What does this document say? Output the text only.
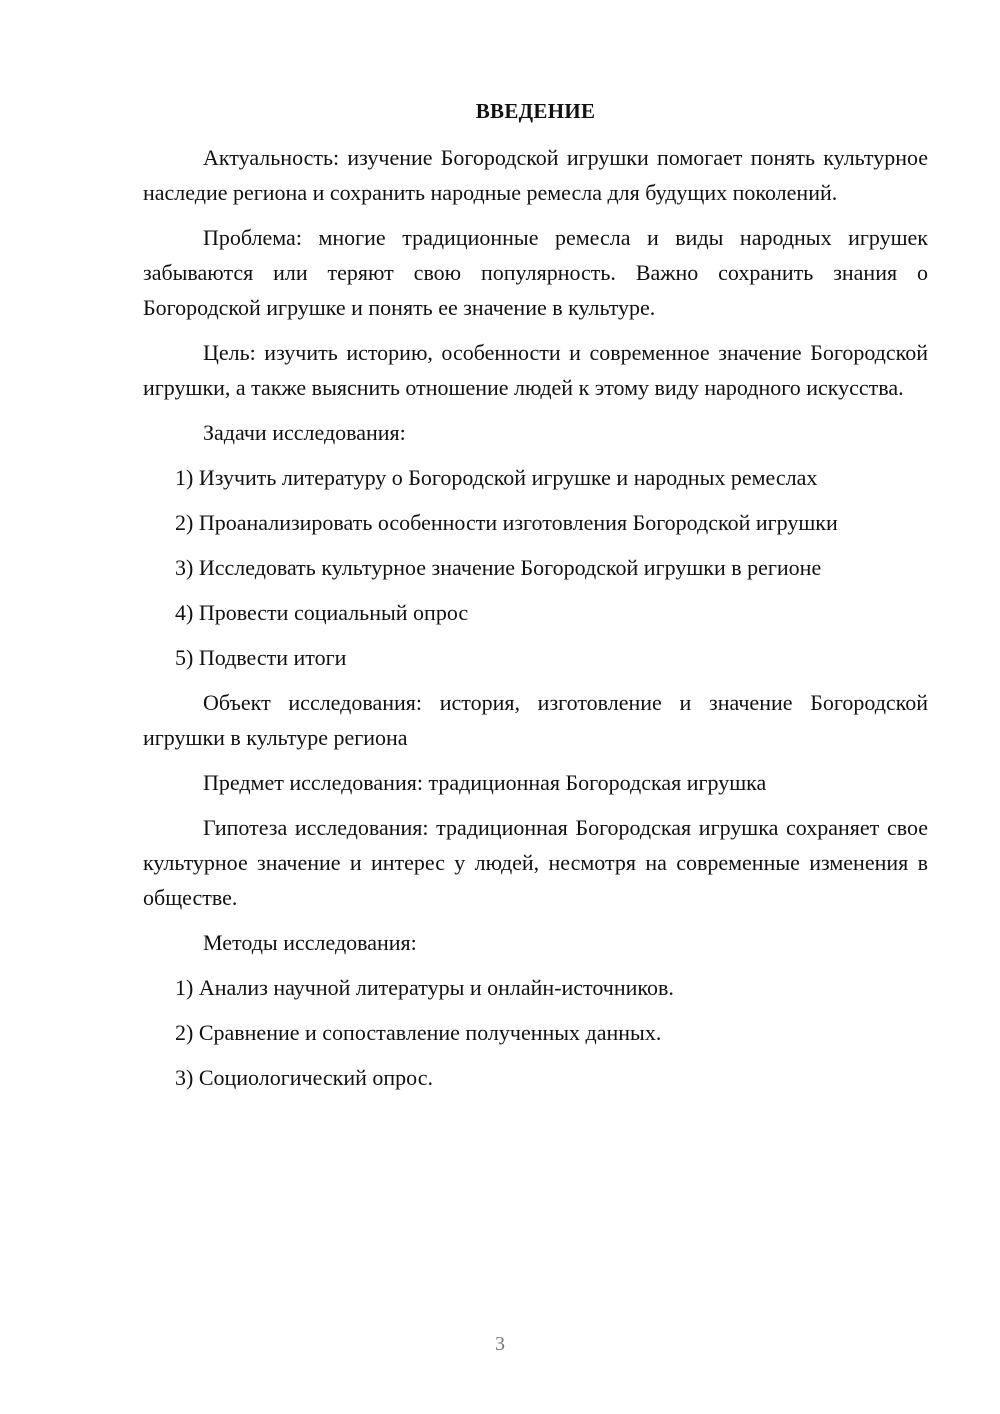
ВВЕДЕНИЕ

Актуальность: изучение Богородской игрушки помогает понять культурное наследие региона и сохранить народные ремесла для будущих поколений.

Проблема: многие традиционные ремесла и виды народных игрушек забываются или теряют свою популярность. Важно сохранить знания о Богородской игрушке и понять ее значение в культуре.

Цель: изучить историю, особенности и современное значение Богородской игрушки, а также выяснить отношение людей к этому виду народного искусства.

Задачи исследования:

1) Изучить литературу о Богородской игрушке и народных ремеслах

2) Проанализировать особенности изготовления Богородской игрушки

3) Исследовать культурное значение Богородской игрушки в регионе

4) Провести социальный опрос

5) Подвести итоги

Объект исследования: история, изготовление и значение Богородской игрушки в культуре региона

Предмет исследования: традиционная Богородская игрушка

Гипотеза исследования: традиционная Богородская игрушка сохраняет свое культурное значение и интерес у людей, несмотря на современные изменения в обществе.

Методы исследования:

1) Анализ научной литературы и онлайн-источников.

2) Сравнение и сопоставление полученных данных.

3) Социологический опрос.

3
